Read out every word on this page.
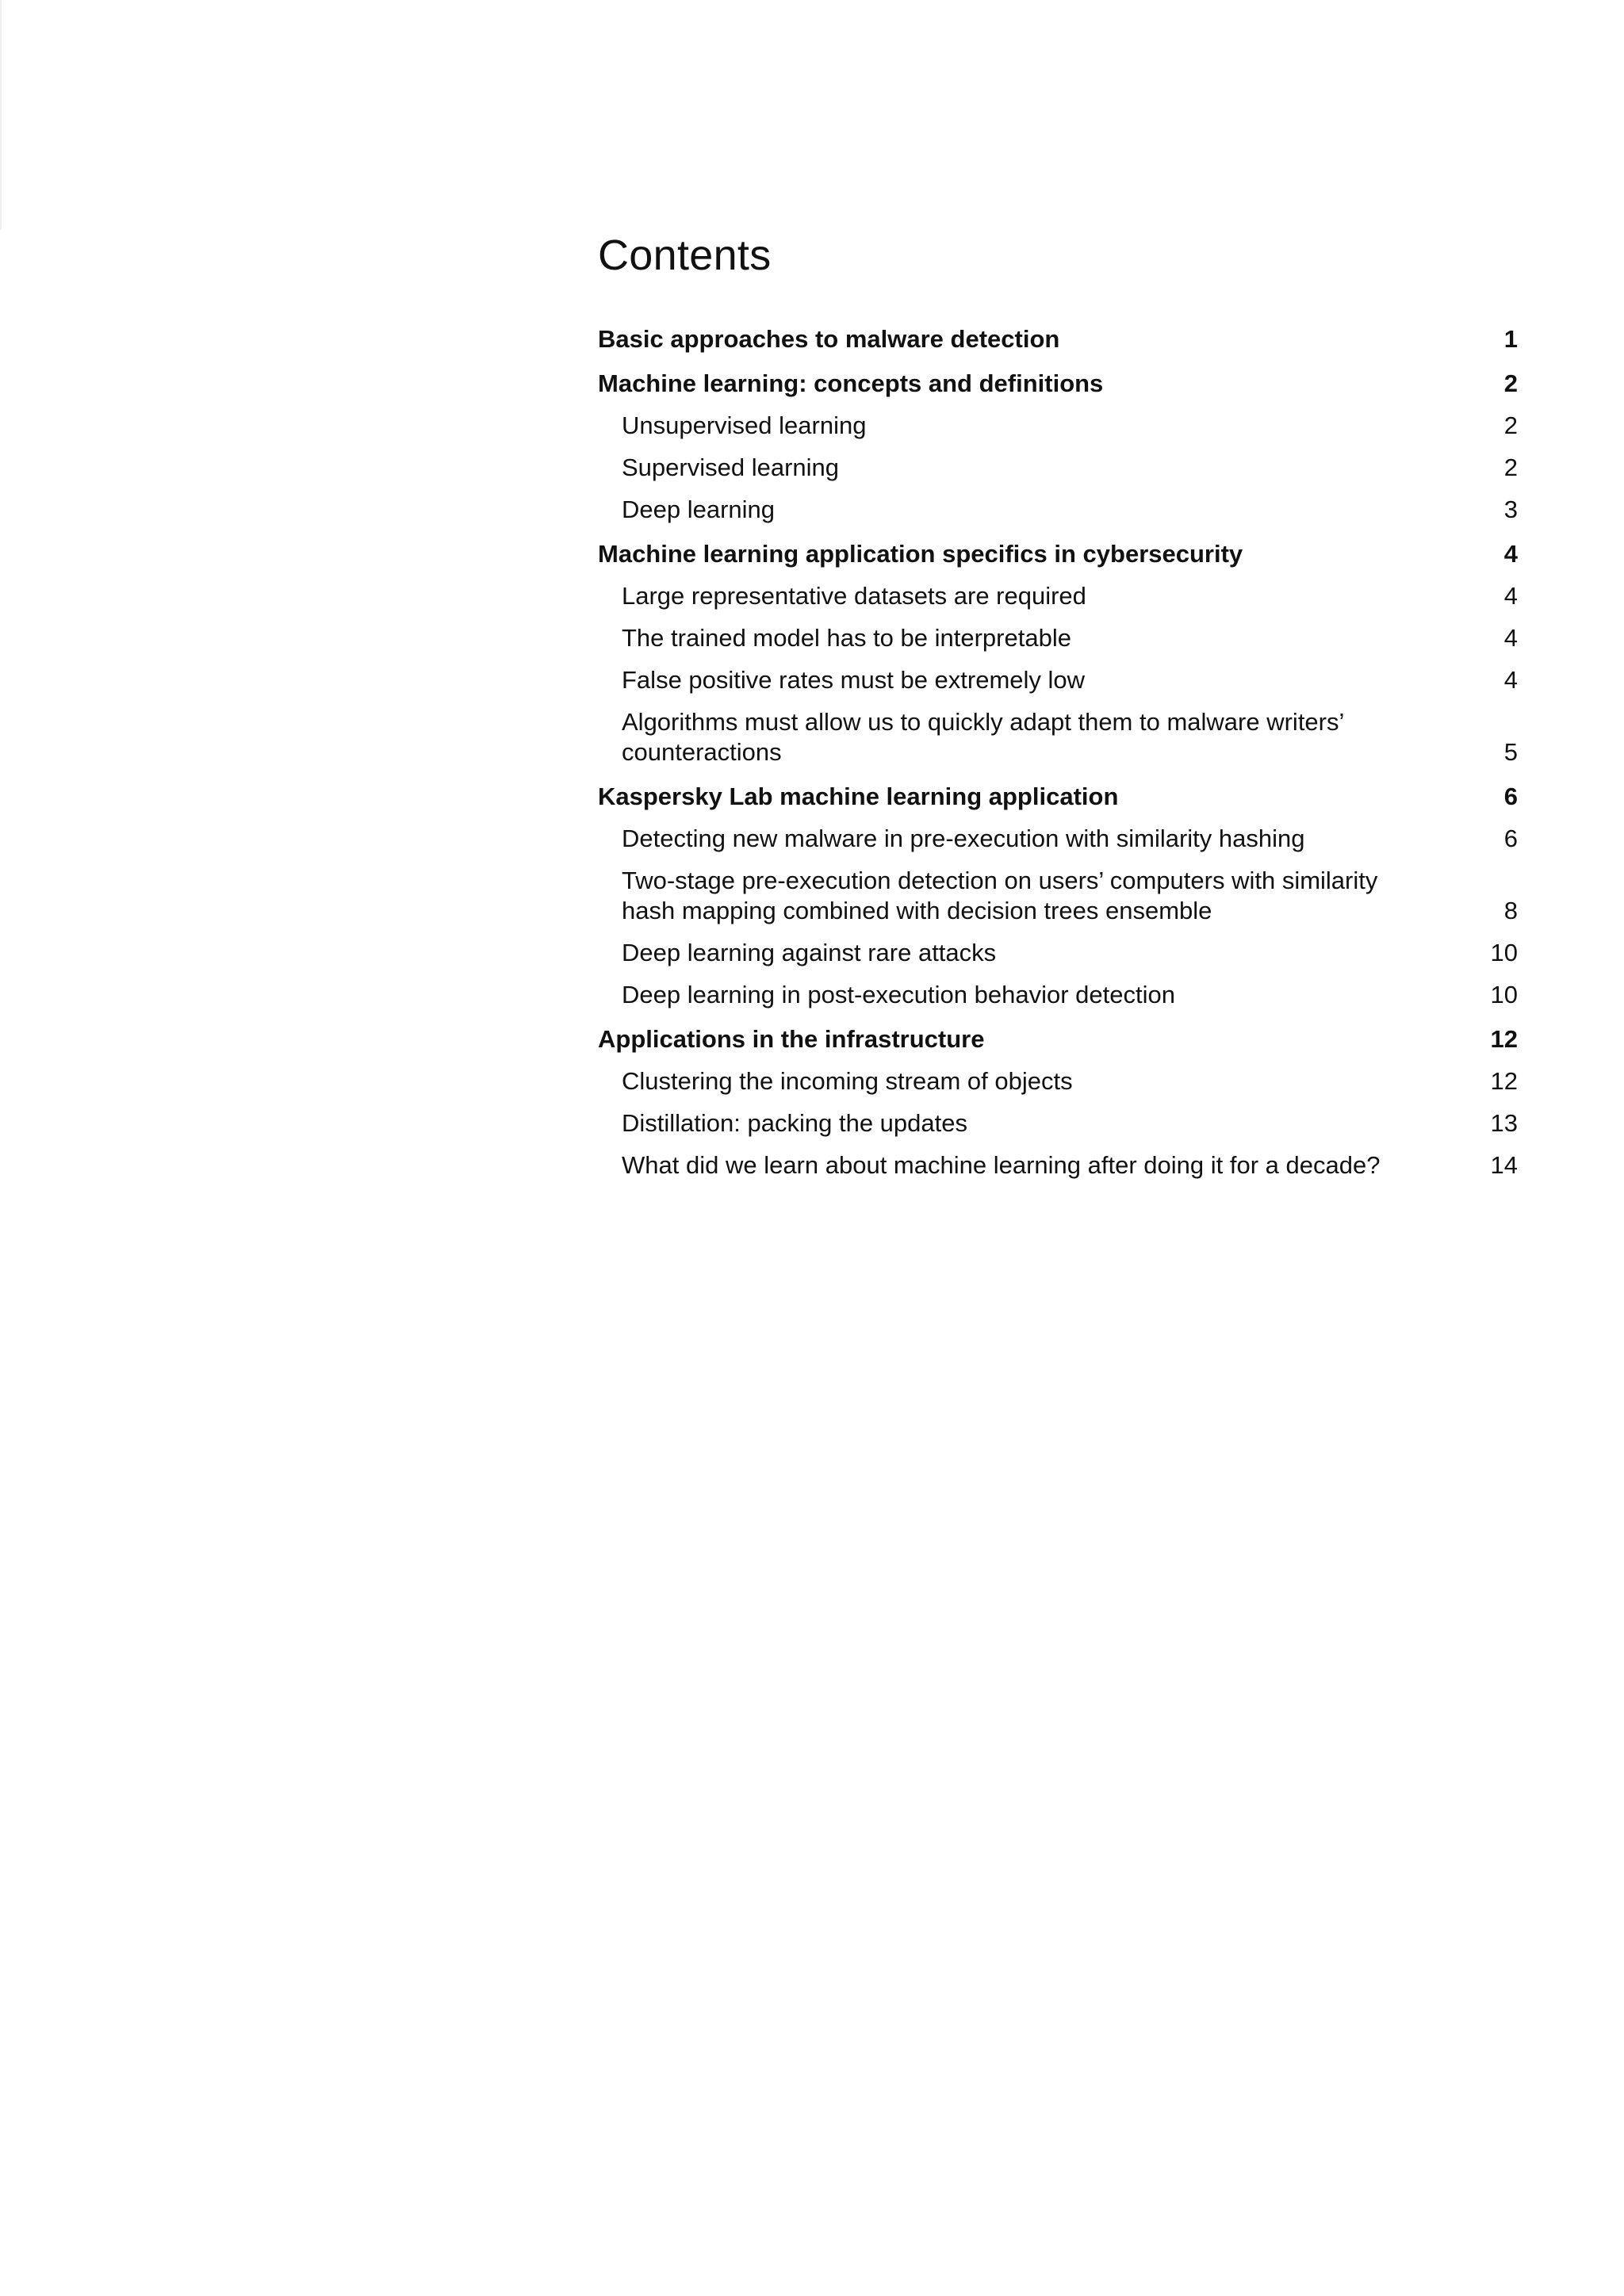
Contents
Basic approaches to malware detection	1
Machine learning: concepts and definitions	2
Unsupervised learning	2
Supervised learning	2
Deep learning	3
Machine learning application specifics in cybersecurity	4
Large representative datasets are required	4
The trained model has to be interpretable	4
False positive rates must be extremely low	4
Algorithms must allow us to quickly adapt them to malware writers’ counteractions	5
Kaspersky Lab machine learning application	6
Detecting new malware in pre-execution with similarity hashing	6
Two-stage pre-execution detection on users’ computers with similarity hash mapping combined with decision trees ensemble	8
Deep learning against rare attacks	10
Deep learning in post-execution behavior detection	10
Applications in the infrastructure	12
Clustering the incoming stream of objects	12
Distillation: packing the updates	13
What did we learn about machine learning after doing it for a decade?	14
